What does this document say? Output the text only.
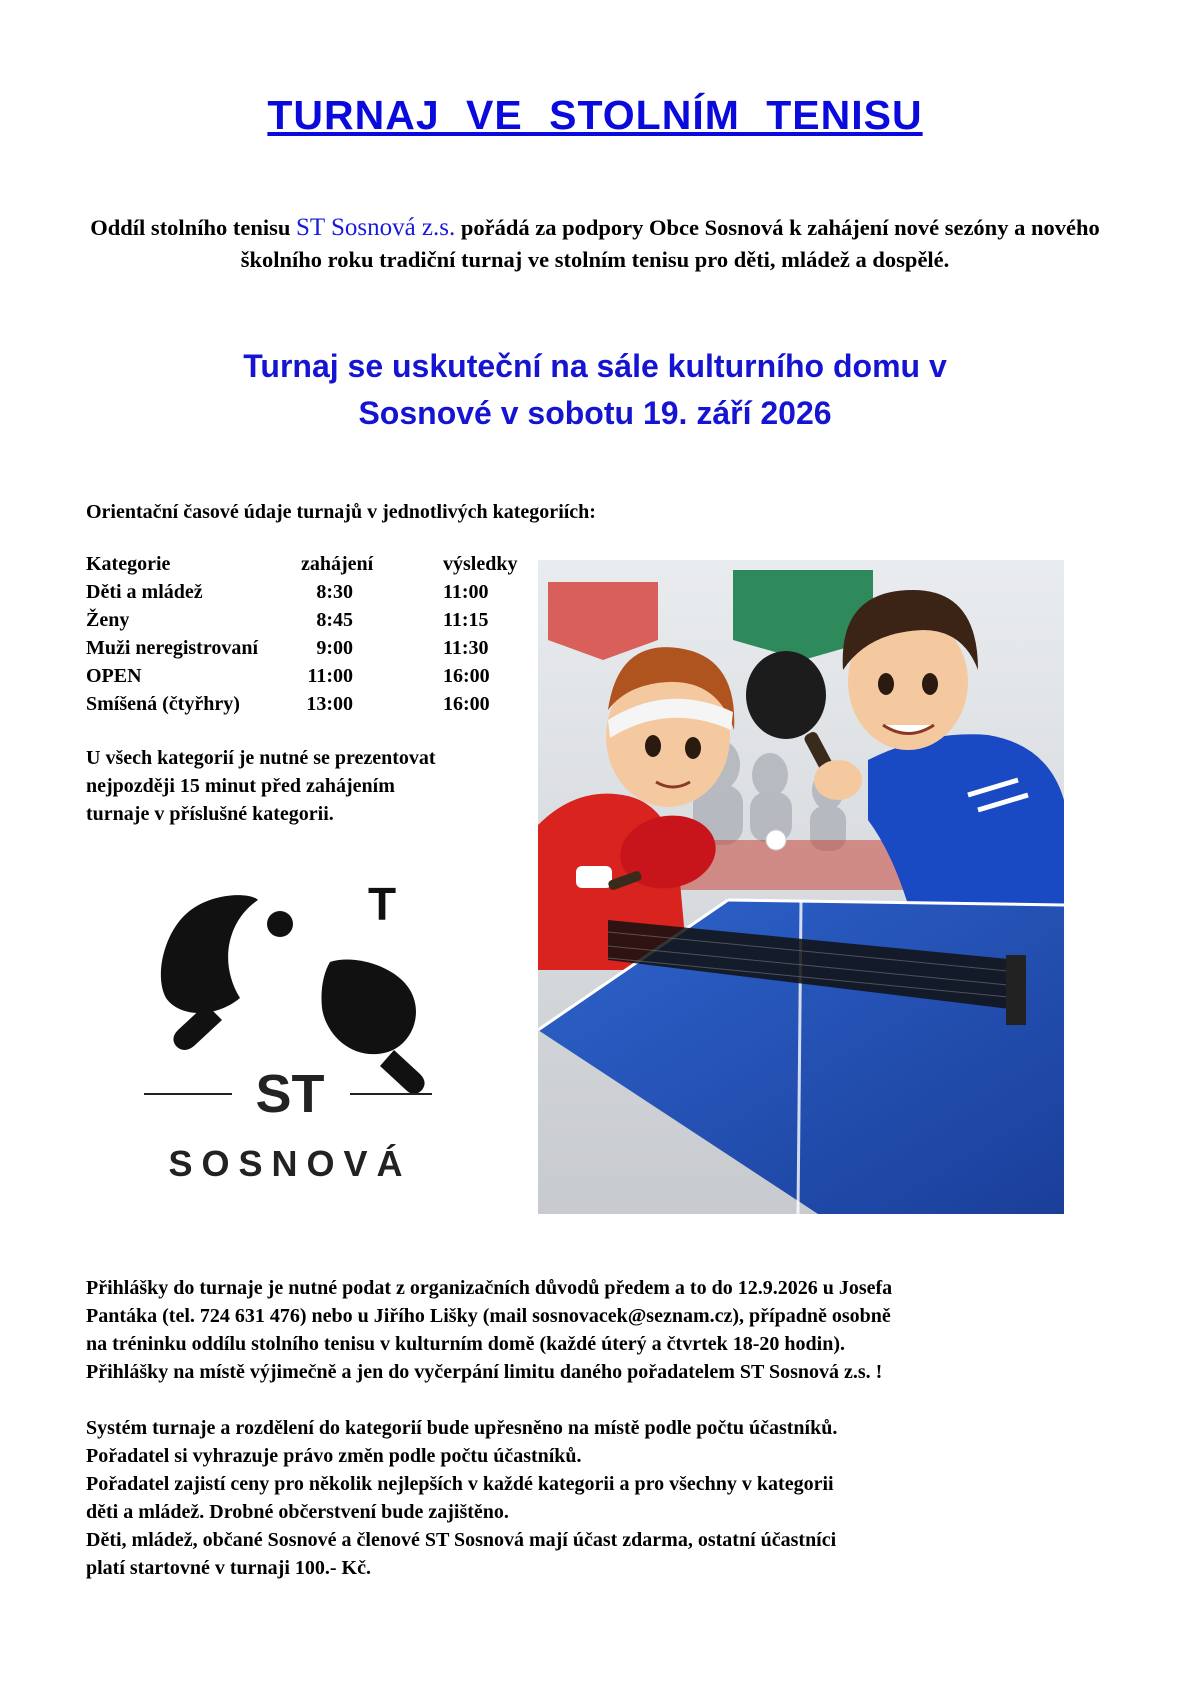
TURNAJ VE STOLNÍM TENISU

Oddíl stolního tenisu ST Sosnová z.s. pořádá za podpory Obce Sosnová k zahájení nové sezóny a nového školního roku tradiční turnaj ve stolním tenisu pro děti, mládež a dospělé.

Turnaj se uskuteční na sále kulturního domu v
Sosnové v sobotu 19. září 2026

Orientační časové údaje turnajů v jednotlivých kategoriích:

Kategorie	zahájení	výsledky
Děti a mládež	8:30	11:00
Ženy	8:45	11:15
Muži neregistrovaní	9:00	11:30
OPEN	11:00	16:00
Smíšená (čtyřhry)	13:00	16:00
U všech kategorií je nutné se prezentovat
nejpozději 15 minut před zahájením
turnaje v příslušné kategorii.
T
ST
SOSNOVÁ

Přihlášky do turnaje je nutné podat z organizačních důvodů předem a to do 12.9.2026 u Josefa

Pantáka (tel. 724 631 476) nebo u Jiřího Lišky (mail sosnovacek@seznam.cz), případně osobně

na tréninku oddílu stolního tenisu v kulturním domě (každé úterý a čtvrtek 18-20 hodin).

Přihlášky na místě výjimečně a jen do vyčerpání limitu daného pořadatelem ST Sosnová z.s. !

Systém turnaje a rozdělení do kategorií bude upřesněno na místě podle počtu účastníků.

Pořadatel si vyhrazuje právo změn podle počtu účastníků.

Pořadatel zajistí ceny pro několik nejlepších v každé kategorii a pro všechny v kategorii

děti a mládež. Drobné občerstvení bude zajištěno.

Děti, mládež, občané Sosnové a členové ST Sosnová mají účast zdarma, ostatní účastníci

platí startovné v turnaji 100.- Kč.
